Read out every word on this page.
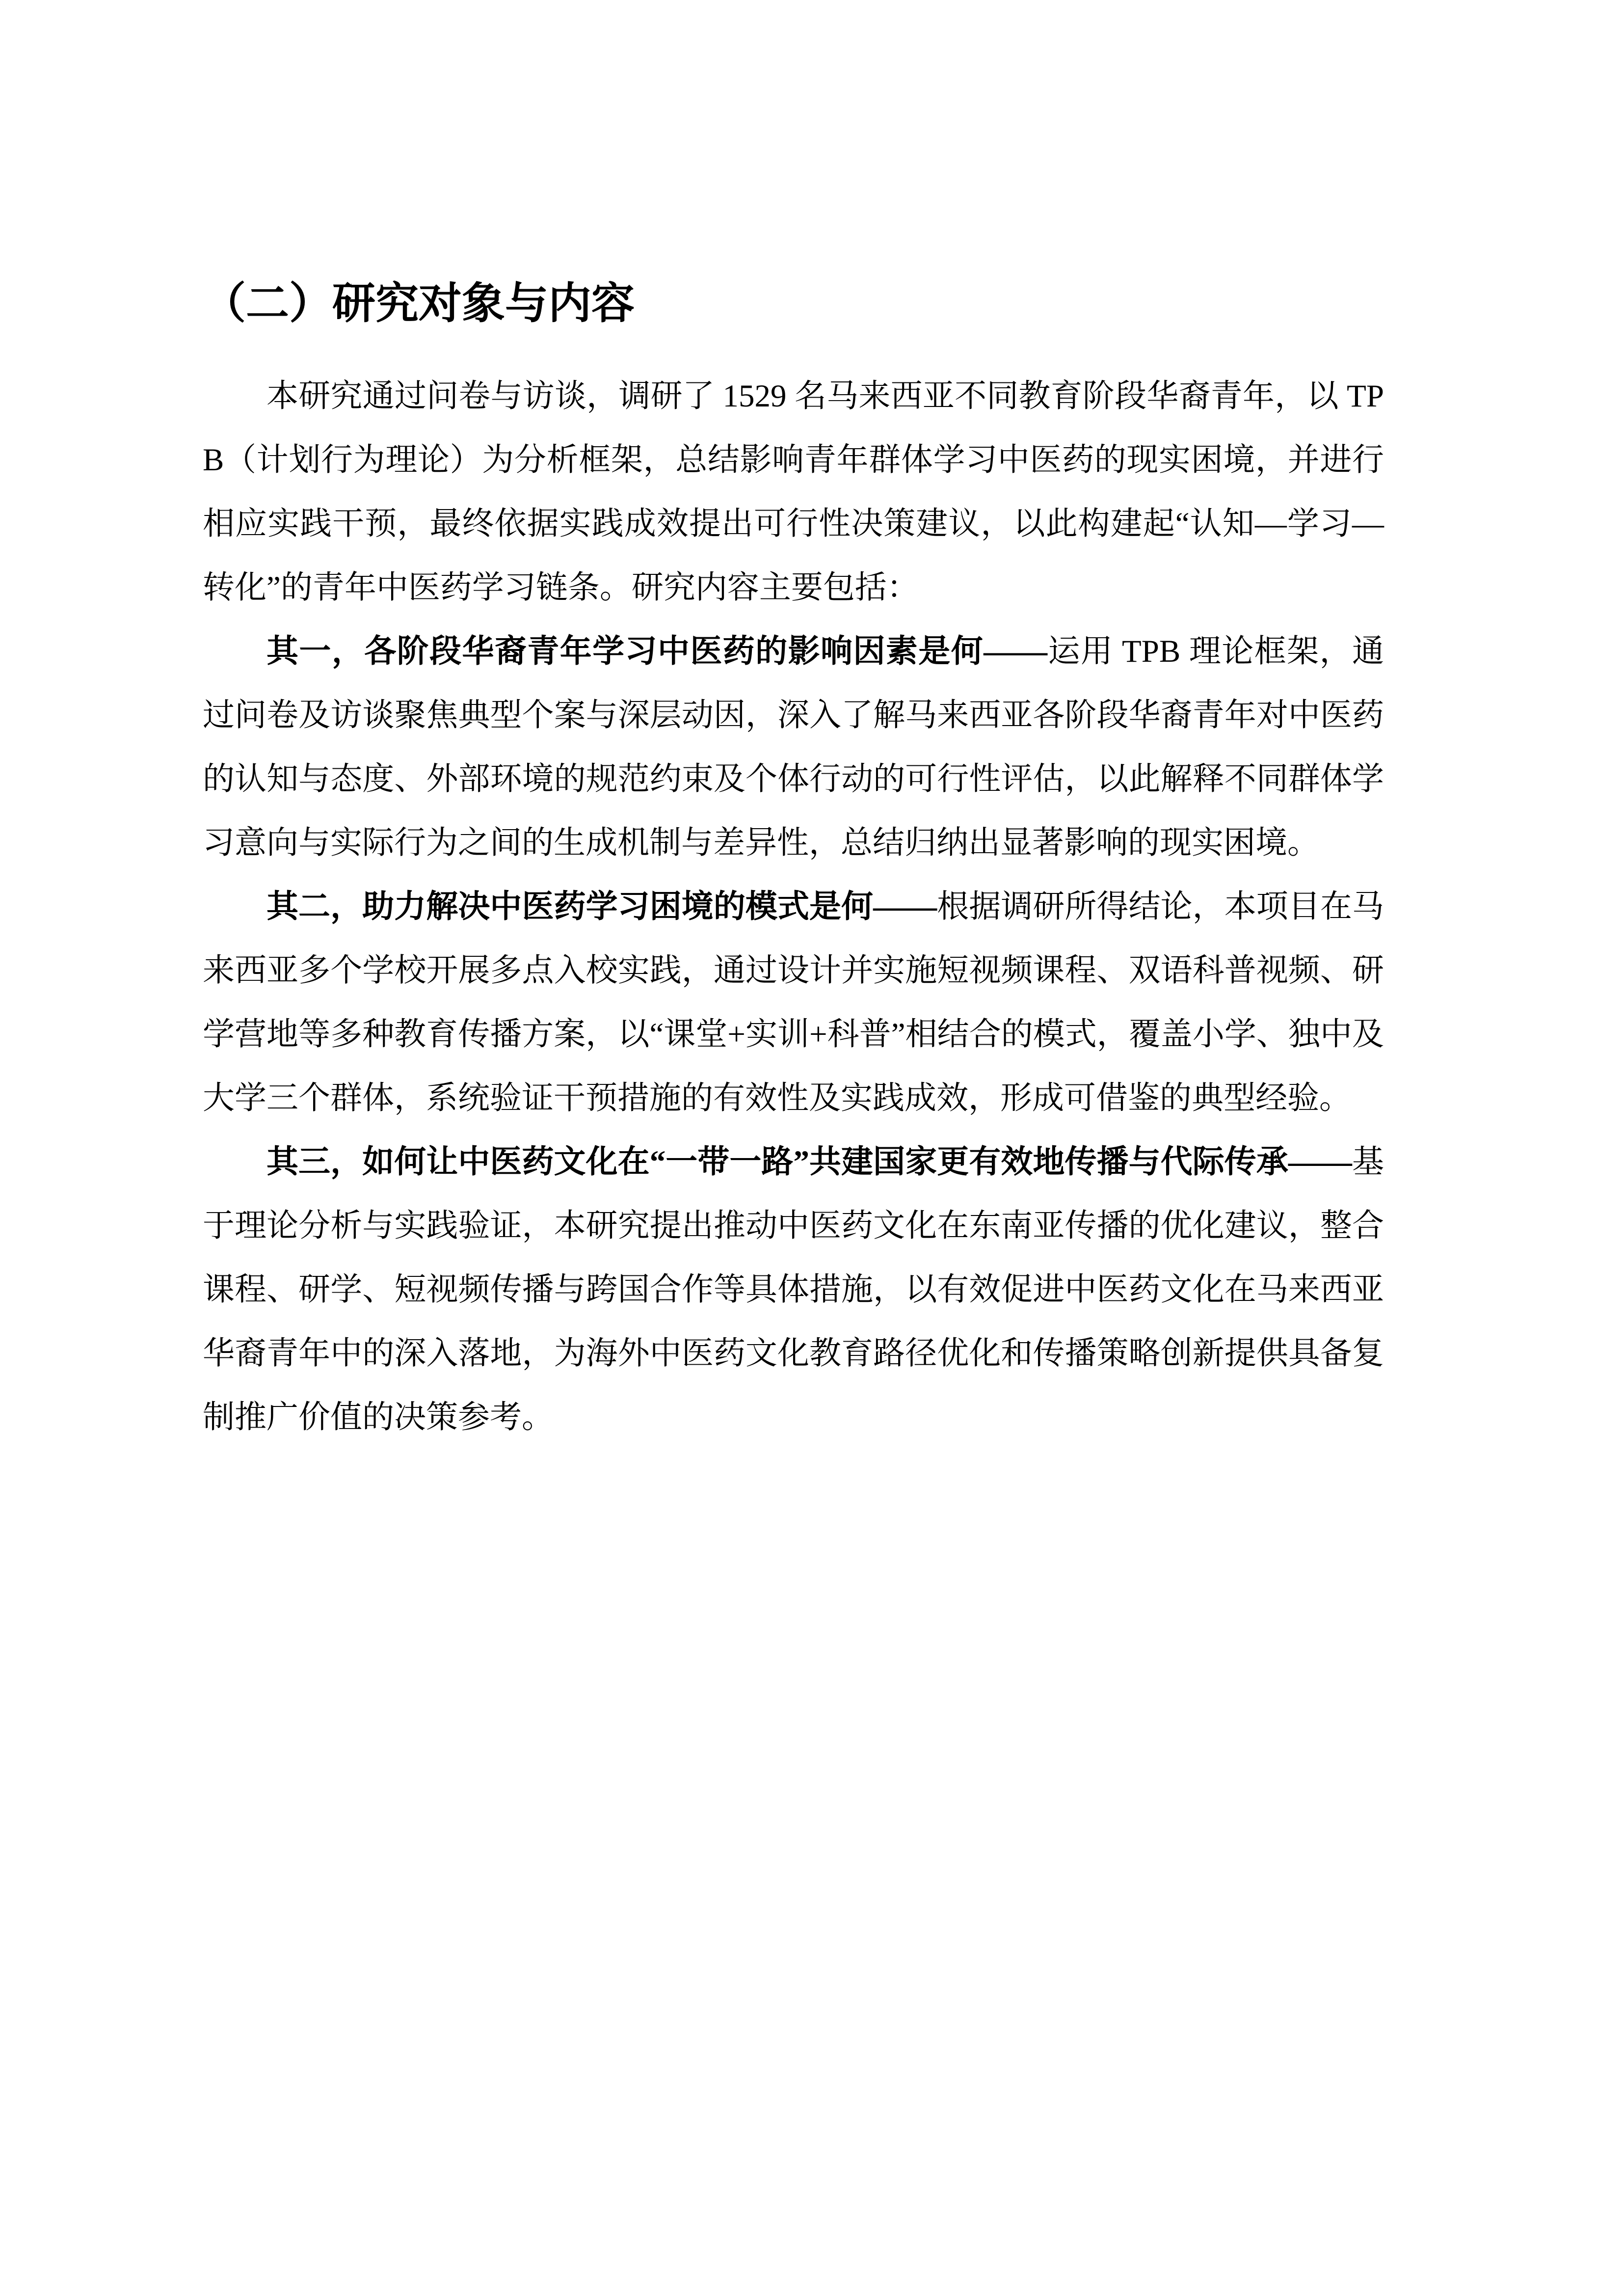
（二）研究对象与内容

本研究通过问卷与访谈，调研了 1529 名马来西亚不同教育阶段华裔青年，以 TPB（计划行为理论）为分析框架，总结影响青年群体学习中医药的现实困境，并进行相应实践干预，最终依据实践成效提出可行性决策建议，以此构建起“认知—学习—转化”的青年中医药学习链条。研究内容主要包括：

其一，各阶段华裔青年学习中医药的影响因素是何——运用 TPB 理论框架，通过问卷及访谈聚焦典型个案与深层动因，深入了解马来西亚各阶段华裔青年对中医药的认知与态度、外部环境的规范约束及个体行动的可行性评估，以此解释不同群体学习意向与实际行为之间的生成机制与差异性，总结归纳出显著影响的现实困境。

其二，助力解决中医药学习困境的模式是何——根据调研所得结论，本项目在马来西亚多个学校开展多点入校实践，通过设计并实施短视频课程、双语科普视频、研学营地等多种教育传播方案，以“课堂+实训+科普”相结合的模式，覆盖小学、独中及大学三个群体，系统验证干预措施的有效性及实践成效，形成可借鉴的典型经验。

其三，如何让中医药文化在“一带一路”共建国家更有效地传播与代际传承——基于理论分析与实践验证，本研究提出推动中医药文化在东南亚传播的优化建议，整合课程、研学、短视频传播与跨国合作等具体措施，以有效促进中医药文化在马来西亚华裔青年中的深入落地，为海外中医药文化教育路径优化和传播策略创新提供具备复制推广价值的决策参考。
